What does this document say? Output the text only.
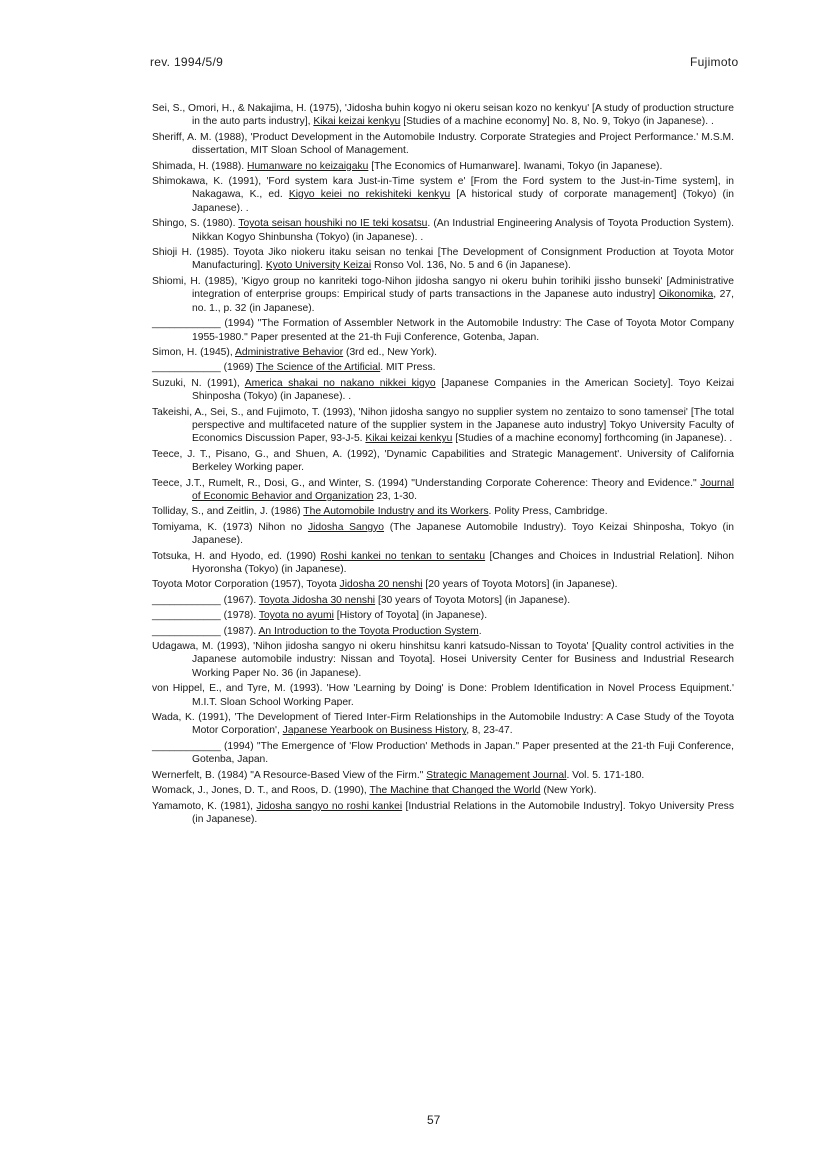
rev. 1994/5/9	Fujimoto

Sei, S., Omori, H., & Nakajima, H. (1975), 'Jidosha buhin kogyo ni okeru seisan kozo no kenkyu' [A study of production structure in the auto parts industry], Kikai keizai kenkyu [Studies of a machine economy] No. 8, No. 9, Tokyo (in Japanese). .

Sheriff, A. M. (1988), 'Product Development in the Automobile Industry. Corporate Strategies and Project Performance.' M.S.M. dissertation, MIT Sloan School of Management.

Shimada, H. (1988). Humanware no keizaigaku [The Economics of Humanware]. Iwanami, Tokyo (in Japanese).

Shimokawa, K. (1991), 'Ford system kara Just-in-Time system e' [From the Ford system to the Just-in-Time system], in Nakagawa, K., ed. Kigyo keiei no rekishiteki kenkyu [A historical study of corporate management] (Tokyo) (in Japanese). .

Shingo, S. (1980). Toyota seisan houshiki no IE teki kosatsu. (An Industrial Engineering Analysis of Toyota Production System). Nikkan Kogyo Shinbunsha (Tokyo) (in Japanese). .

Shioji H. (1985). Toyota Jiko niokeru itaku seisan no tenkai [The Development of Consignment Production at Toyota Motor Manufacturing]. Kyoto University Keizai Ronso Vol. 136, No. 5 and 6 (in Japanese).

Shiomi, H. (1985), 'Kigyo group no kanriteki togo-Nihon jidosha sangyo ni okeru buhin torihiki jissho bunseki' [Administrative integration of enterprise groups: Empirical study of parts transactions in the Japanese auto industry] Oikonomika, 27, no. 1., p. 32 (in Japanese).

____________ (1994) "The Formation of Assembler Network in the Automobile Industry: The Case of Toyota Motor Company 1955-1980." Paper presented at the 21-th Fuji Conference, Gotenba, Japan.

Simon, H. (1945), Administrative Behavior (3rd ed., New York).

____________ (1969) The Science of the Artificial. MIT Press.

Suzuki, N. (1991), America shakai no nakano nikkei kigyo [Japanese Companies in the American Society]. Toyo Keizai Shinposha (Tokyo) (in Japanese). .

Takeishi, A., Sei, S., and Fujimoto, T. (1993), 'Nihon jidosha sangyo no supplier system no zentaizo to sono tamensei' [The total perspective and multifaceted nature of the supplier system in the Japanese auto industry] Tokyo University Faculty of Economics Discussion Paper, 93-J-5. Kikai keizai kenkyu [Studies of a machine economy] forthcoming (in Japanese). .

Teece, J. T., Pisano, G., and Shuen, A. (1992), 'Dynamic Capabilities and Strategic Management'. University of California Berkeley Working paper.

Teece, J.T., Rumelt, R., Dosi, G., and Winter, S. (1994) "Understanding Corporate Coherence: Theory and Evidence." Journal of Economic Behavior and Organization 23, 1-30.

Tolliday, S., and Zeitlin, J. (1986) The Automobile Industry and its Workers. Polity Press, Cambridge.

Tomiyama, K. (1973) Nihon no Jidosha Sangyo (The Japanese Automobile Industry). Toyo Keizai Shinposha, Tokyo (in Japanese).

Totsuka, H. and Hyodo, ed. (1990) Roshi kankei no tenkan to sentaku [Changes and Choices in Industrial Relation]. Nihon Hyoronsha (Tokyo) (in Japanese).

Toyota Motor Corporation (1957), Toyota Jidosha 20 nenshi [20 years of Toyota Motors] (in Japanese).

____________ (1967). Toyota Jidosha 30 nenshi [30 years of Toyota Motors] (in Japanese).

____________ (1978). Toyota no ayumi [History of Toyota] (in Japanese).

____________ (1987). An Introduction to the Toyota Production System.

Udagawa, M. (1993), 'Nihon jidosha sangyo ni okeru hinshitsu kanri katsudo-Nissan to Toyota' [Quality control activities in the Japanese automobile industry: Nissan and Toyota]. Hosei University Center for Business and Industrial Research Working Paper No. 36 (in Japanese).

von Hippel, E., and Tyre, M. (1993). 'How 'Learning by Doing' is Done: Problem Identification in Novel Process Equipment.' M.I.T. Sloan School Working Paper.

Wada, K. (1991), 'The Development of Tiered Inter-Firm Relationships in the Automobile Industry: A Case Study of the Toyota Motor Corporation', Japanese Yearbook on Business History, 8, 23-47.

____________ (1994) "The Emergence of 'Flow Production' Methods in Japan." Paper presented at the 21-th Fuji Conference, Gotenba, Japan.

Wernerfelt, B. (1984) "A Resource-Based View of the Firm." Strategic Management Journal. Vol. 5. 171-180.

Womack, J., Jones, D. T., and Roos, D. (1990), The Machine that Changed the World (New York).

Yamamoto, K. (1981), Jidosha sangyo no roshi kankei [Industrial Relations in the Automobile Industry]. Tokyo University Press (in Japanese).

57
